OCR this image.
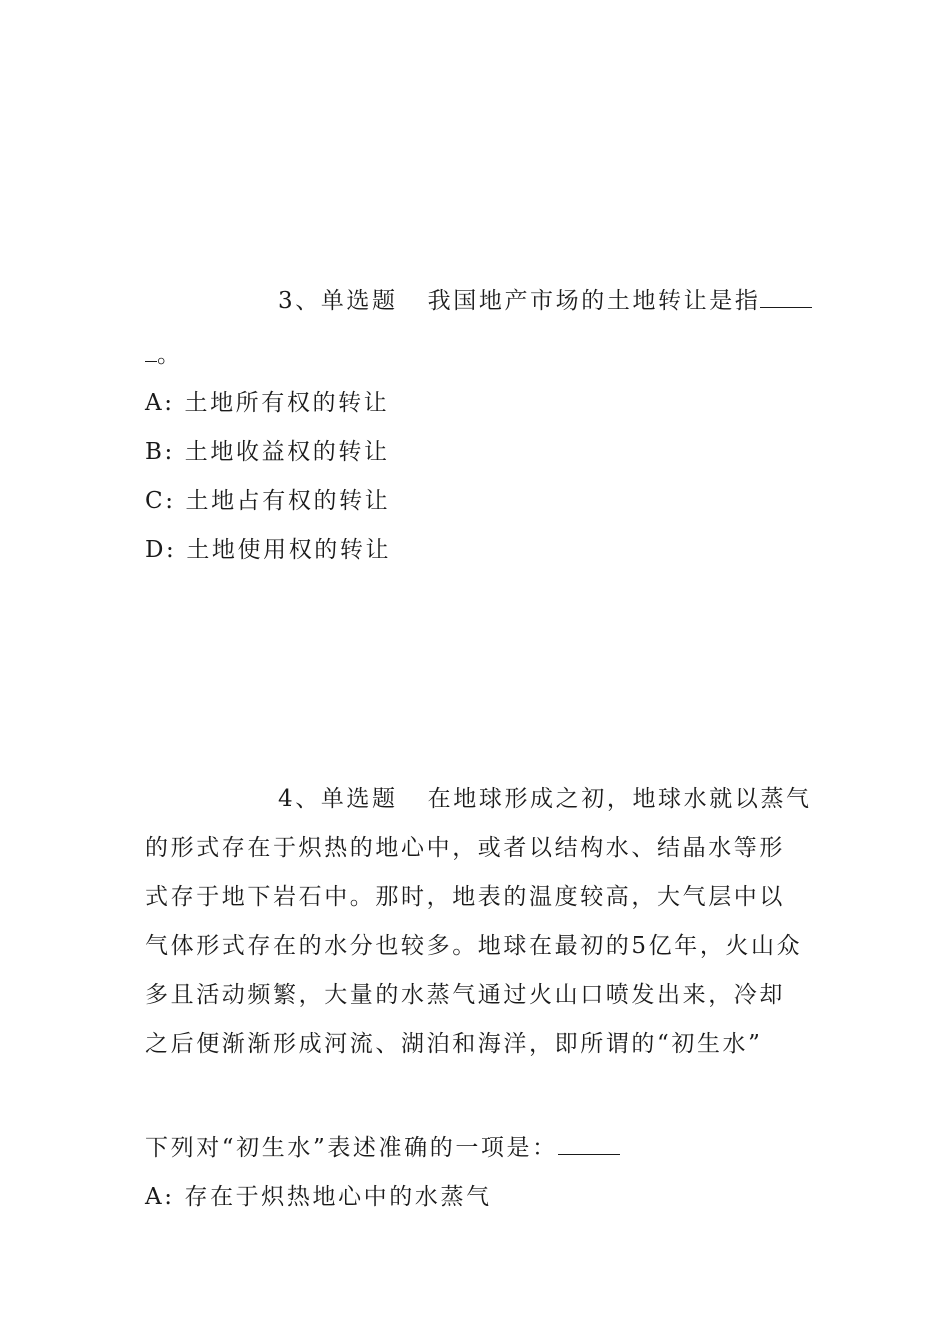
3、单选题 我国地产市场的土地转让是指
。
A: 土地所有权的转让
B: 土地收益权的转让
C: 土地占有权的转让
D: 土地使用权的转让
4、单选题 在地球形成之初，地球水就以蒸气
的形式存在于炽热的地心中，或者以结构水、结晶水等形
式存于地下岩石中。那时，地表的温度较高，大气层中以
气体形式存在的水分也较多。地球在最初的5亿年，火山众
多且活动频繁，大量的水蒸气通过火山口喷发出来，冷却
之后便渐渐形成河流、湖泊和海洋，即所谓的“初生水”
下列对“初生水”表述准确的一项是：
A: 存在于炽热地心中的水蒸气
